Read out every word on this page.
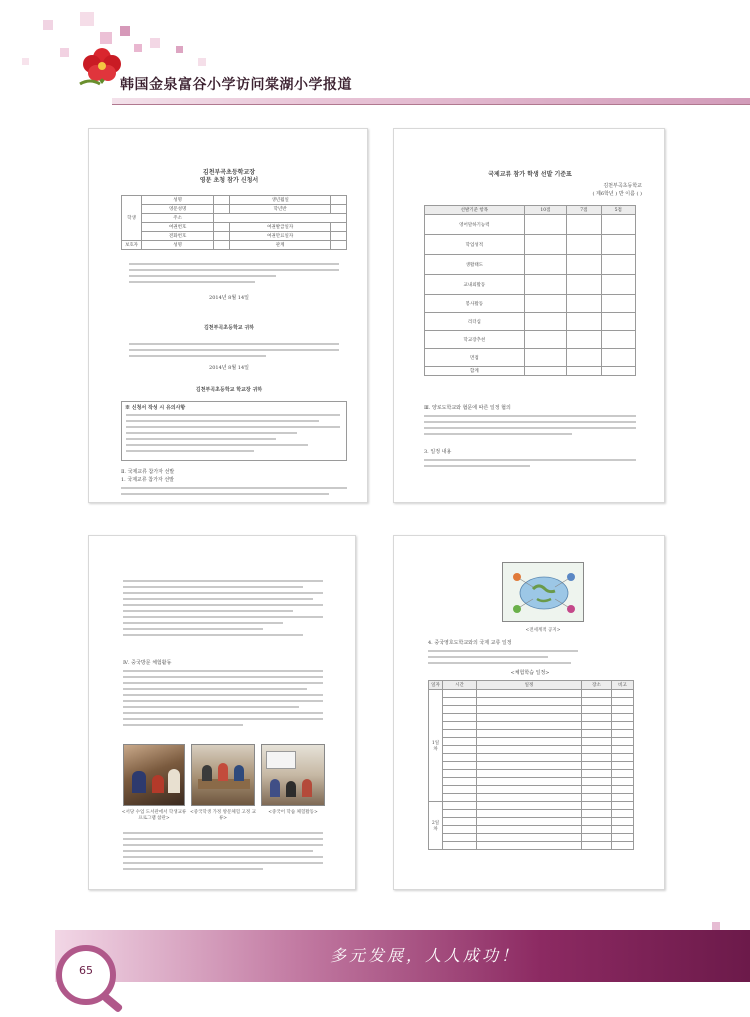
韩国金泉富谷小学访问棠湖小学报道
김천부곡초등학교장
영문 초청 참가 신청서
학생	성명		생년월일	
	영문성명		학년반	
	주소			
	여권번호		여권발급일자	
	전화번호		여권만료일자	
보호자	성명		관계	
2014년 8월 14일
김천부곡초등학교 귀하
2014년 8월 14일
김천부곡초등학교 학교장 귀하
※ 신청서 작성 시 유의사항
Ⅱ. 국제교류 참가자 선발
1. 국제교류 참가자 선발
국제교류 참가 학생 선발 기준표
김천부곡초등학교
( 제6학년 ) 반 이름 ( )
선발기준 항목	10점	7점	5점
영어말하기능력			
학업성적			
생활태도			
교내외활동			
봉사활동			
리더십			
학교장추천			
면접			
합계			
Ⅲ. 양로도학교와 협문에 따른 일정 협의
3. 일정 내용
Ⅳ. 중국방문 체험활동
<서당 수업 도서관에서 학생교류 프로그램 참관>
<중국학생 가정 방문체험 고정 교류>
<중국어 학습 체험활동>
<전세계적 공지>
4. 중국영호도학교와의 국제 교류 일정
<체험학습 일정>
일자	시간	일정	장소	비고
1일차				

2일차				

多元发展，人人成功！
65
